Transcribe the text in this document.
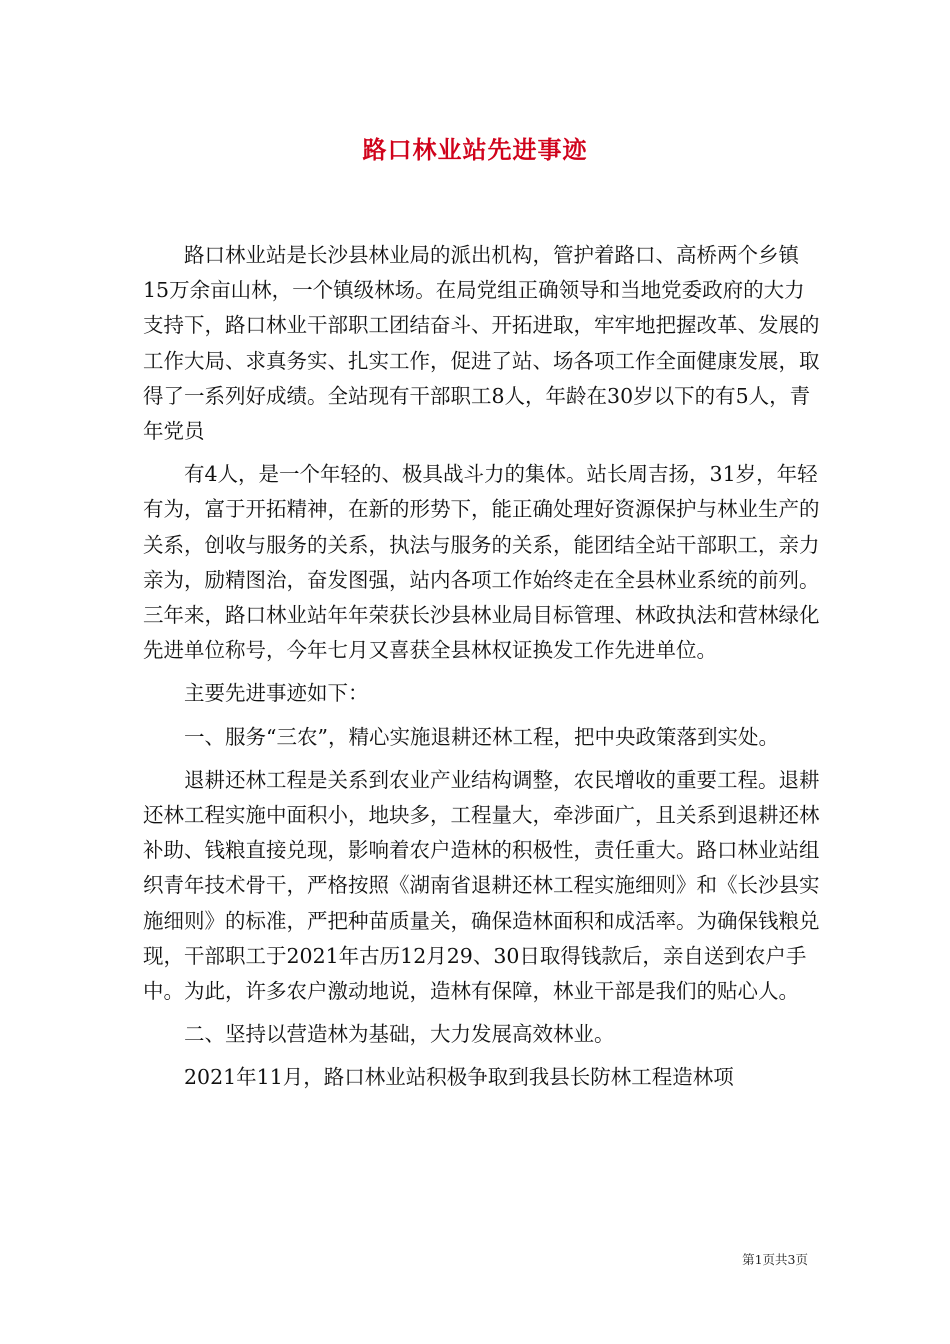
路口林业站先进事迹

路口林业站是长沙县林业局的派出机构，管护着路口、高桥两个乡镇15万余亩山林，一个镇级林场。在局党组正确领导和当地党委政府的大力支持下，路口林业干部职工团结奋斗、开拓进取，牢牢地把握改革、发展的工作大局、求真务实、扎实工作，促进了站、场各项工作全面健康发展，取得了一系列好成绩。全站现有干部职工8人，年龄在30岁以下的有5人，青年党员

有4人，是一个年轻的、极具战斗力的集体。站长周吉扬，31岁，年轻有为，富于开拓精神，在新的形势下，能正确处理好资源保护与林业生产的关系，创收与服务的关系，执法与服务的关系，能团结全站干部职工，亲力亲为，励精图治，奋发图强，站内各项工作始终走在全县林业系统的前列。三年来，路口林业站年年荣获长沙县林业局目标管理、林政执法和营林绿化先进单位称号，今年七月又喜获全县林权证换发工作先进单位。

主要先进事迹如下：

一、服务“三农”，精心实施退耕还林工程，把中央政策落到实处。

退耕还林工程是关系到农业产业结构调整，农民增收的重要工程。退耕还林工程实施中面积小，地块多，工程量大，牵涉面广，且关系到退耕还林补助、钱粮直接兑现，影响着农户造林的积极性，责任重大。路口林业站组织青年技术骨干，严格按照《湖南省退耕还林工程实施细则》和《长沙县实施细则》的标准，严把种苗质量关，确保造林面积和成活率。为确保钱粮兑现，干部职工于2021年古历12月29、30日取得钱款后，亲自送到农户手中。为此，许多农户激动地说，造林有保障，林业干部是我们的贴心人。

二、坚持以营造林为基础，大力发展高效林业。

2021年11月，路口林业站积极争取到我县长防林工程造林项

第1页共3页
